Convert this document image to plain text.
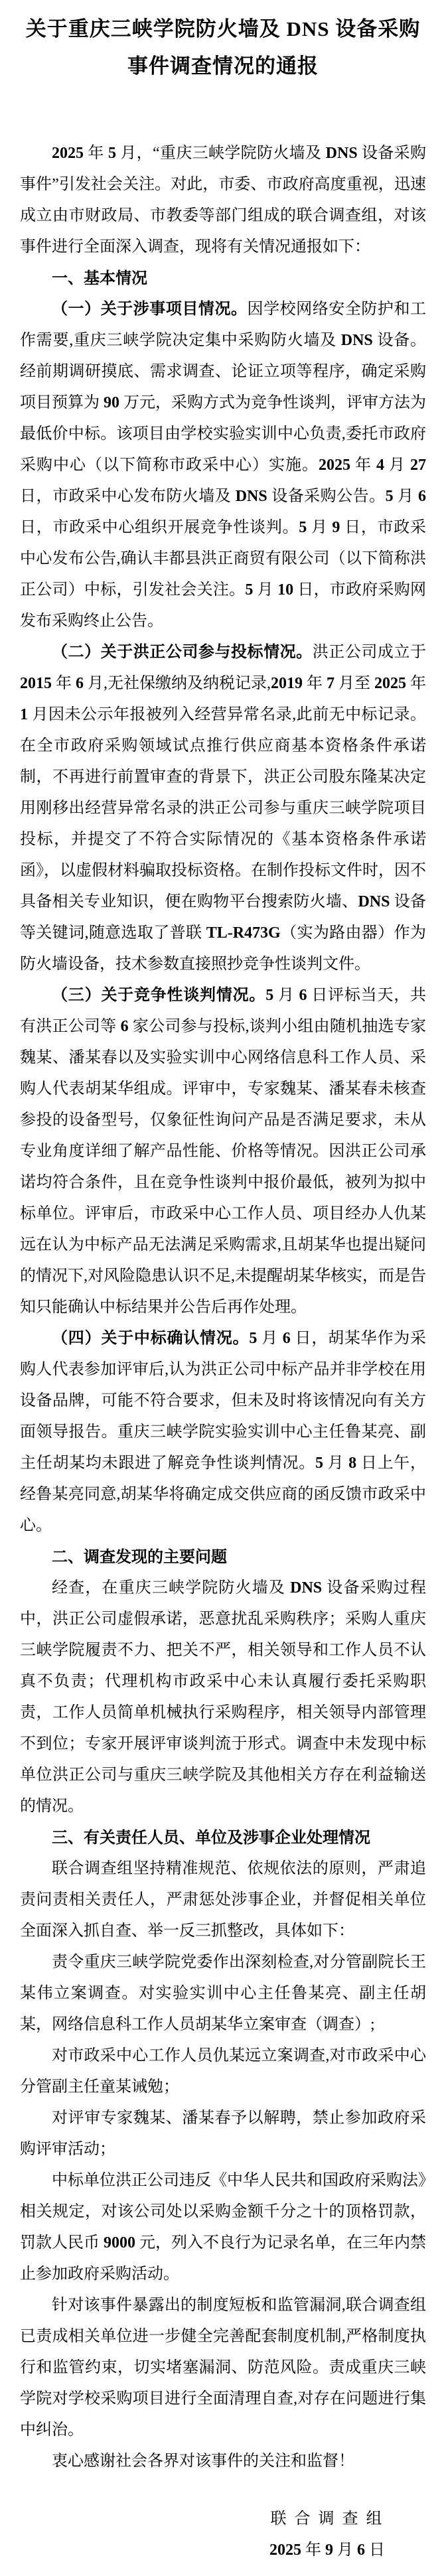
关于重庆三峡学院防火墙及 DNS 设备采购
事件调查情况的通报

2025 年 5 月，“重庆三峡学院防火墙及 DNS 设备采购事件”引发社会关注。对此，市委、市政府高度重视，迅速成立由市财政局、市教委等部门组成的联合调查组，对该事件进行全面深入调查，现将有关情况通报如下：

一、基本情况

（一）关于涉事项目情况。因学校网络安全防护和工作需要,重庆三峡学院决定集中采购防火墙及 DNS 设备。经前期调研摸底、需求调查、论证立项等程序，确定采购项目预算为 90 万元，采购方式为竞争性谈判，评审方法为最低价中标。该项目由学校实验实训中心负责,委托市政府采购中心（以下简称市政采中心）实施。2025 年 4 月 27 日，市政采中心发布防火墙及 DNS 设备采购公告。5 月 6 日，市政采中心组织开展竞争性谈判。5 月 9 日，市政采中心发布公告,确认丰都县洪正商贸有限公司（以下简称洪正公司）中标，引发社会关注。5 月 10 日，市政府采购网发布采购终止公告。

（二）关于洪正公司参与投标情况。洪正公司成立于 2015 年 6 月,无社保缴纳及纳税记录,2019 年 7 月至 2025 年 1 月因未公示年报被列入经营异常名录,此前无中标记录。在全市政府采购领域试点推行供应商基本资格条件承诺制，不再进行前置审查的背景下，洪正公司股东隆某决定用刚移出经营异常名录的洪正公司参与重庆三峡学院项目投标，并提交了不符合实际情况的《基本资格条件承诺函》，以虚假材料骗取投标资格。在制作投标文件时，因不具备相关专业知识，便在购物平台搜索防火墙、DNS 设备等关键词,随意选取了普联 TL-R473G（实为路由器）作为防火墙设备，技术参数直接照抄竞争性谈判文件。

（三）关于竞争性谈判情况。5 月 6 日评标当天，共有洪正公司等 6 家公司参与投标,谈判小组由随机抽选专家魏某、潘某春以及实验实训中心网络信息科工作人员、采购人代表胡某华组成。评审中，专家魏某、潘某春未核查参投的设备型号，仅象征性询问产品是否满足要求，未从专业角度详细了解产品性能、价格等情况。因洪正公司承诺均符合条件，且在竞争性谈判中报价最低，被列为拟中标单位。评审后，市政采中心工作人员、项目经办人仇某远在认为中标产品无法满足采购需求,且胡某华也提出疑问的情况下,对风险隐患认识不足,未提醒胡某华核实，而是告知只能确认中标结果并公告后再作处理。

（四）关于中标确认情况。5 月 6 日，胡某华作为采购人代表参加评审后,认为洪正公司中标产品并非学校在用设备品牌，可能不符合要求，但未及时将该情况向有关方面领导报告。重庆三峡学院实验实训中心主任鲁某亮、副主任胡某均未跟进了解竞争性谈判情况。5 月 8 日上午，经鲁某亮同意,胡某华将确定成交供应商的函反馈市政采中心。

二、调查发现的主要问题

经查，在重庆三峡学院防火墙及 DNS 设备采购过程中，洪正公司虚假承诺，恶意扰乱采购秩序；采购人重庆三峡学院履责不力、把关不严，相关领导和工作人员不认真不负责；代理机构市政采中心未认真履行委托采购职责，工作人员简单机械执行采购程序，相关领导内部管理不到位；专家开展评审谈判流于形式。调查中未发现中标单位洪正公司与重庆三峡学院及其他相关方存在利益输送的情况。

三、有关责任人员、单位及涉事企业处理情况

联合调查组坚持精准规范、依规依法的原则，严肃追责问责相关责任人，严肃惩处涉事企业，并督促相关单位全面深入抓自查、举一反三抓整改，具体如下：

责令重庆三峡学院党委作出深刻检查,对分管副院长王某伟立案调查。对实验实训中心主任鲁某亮、副主任胡某，网络信息科工作人员胡某华立案审查（调查）;

对市政采中心工作人员仇某远立案调查,对市政采中心分管副主任童某诫勉；

对评审专家魏某、潘某春予以解聘，禁止参加政府采购评审活动；

中标单位洪正公司违反《中华人民共和国政府采购法》相关规定，对该公司处以采购金额千分之十的顶格罚款，罚款人民币 9000 元，列入不良行为记录名单，在三年内禁止参加政府采购活动。

针对该事件暴露出的制度短板和监管漏洞,联合调查组已责成相关单位进一步健全完善配套制度机制,严格制度执行和监管约束，切实堵塞漏洞、防范风险。责成重庆三峡学院对学校采购项目进行全面清理自查,对存在问题进行集中纠治。

衷心感谢社会各界对该事件的关注和监督！

联 合 调 查 组
2025 年 9 月 6 日
